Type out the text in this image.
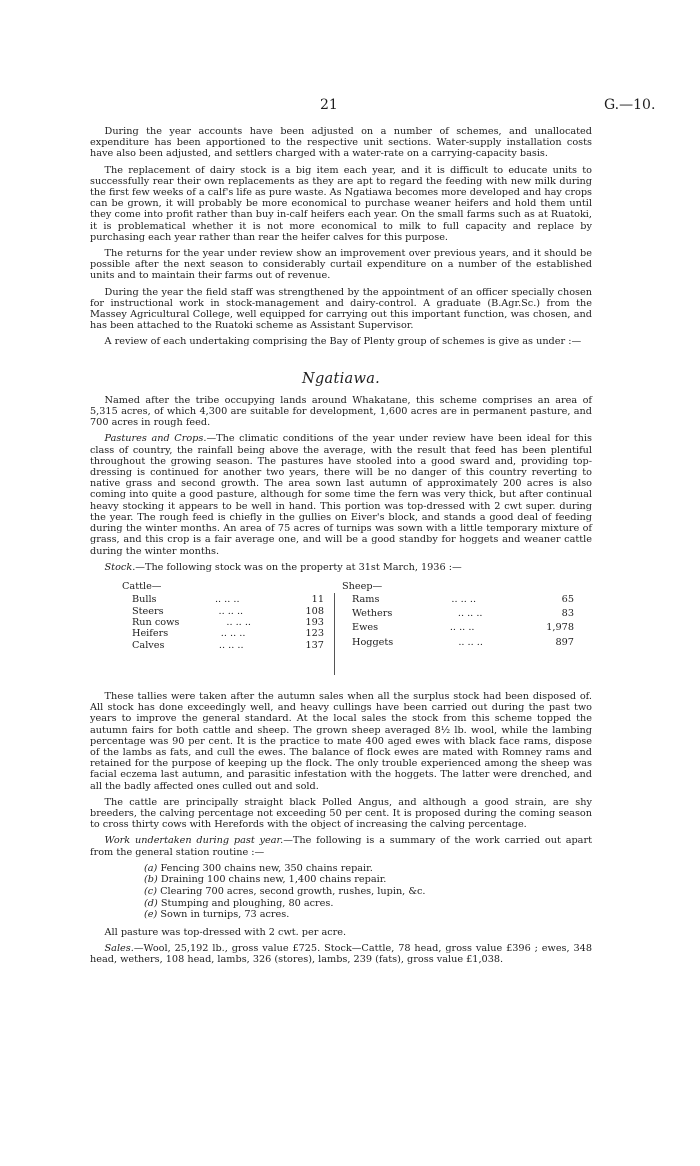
21	G.—10.

During the year accounts have been adjusted on a number of schemes, and unallocated expenditure has been apportioned to the respective unit sections. Water-supply installation costs have also been adjusted, and settlers charged with a water-rate on a carrying-capacity basis.

The replacement of dairy stock is a big item each year, and it is difficult to educate units to successfully rear their own replacements as they are apt to regard the feeding with new milk during the first few weeks of a calf's life as pure waste. As Ngatiawa becomes more developed and hay crops can be grown, it will probably be more economical to purchase weaner heifers and hold them until they come into profit rather than buy in-calf heifers each year. On the small farms such as at Ruatoki, it is problematical whether it is not more economical to milk to full capacity and replace by purchasing each year rather than rear the heifer calves for this purpose.

The returns for the year under review show an improvement over previous years, and it should be possible after the next season to considerably curtail expenditure on a number of the established units and to maintain their farms out of revenue.

During the year the field staff was strengthened by the appointment of an officer specially chosen for instructional work in stock-management and dairy-control. A graduate (B.Agr.Sc.) from the Massey Agricultural College, well equipped for carrying out this important function, was chosen, and has been attached to the Ruatoki scheme as Assistant Supervisor.

A review of each undertaking comprising the Bay of Plenty group of schemes is give as under :—

Ngatiawa.

Named after the tribe occupying lands around Whakatane, this scheme comprises an area of 5,315 acres, of which 4,300 are suitable for development, 1,600 acres are in permanent pasture, and 700 acres in rough feed.

Pastures and Crops.—The climatic conditions of the year under review have been ideal for this class of country, the rainfall being above the average, with the result that feed has been plentiful throughout the growing season. The pastures have stooled into a good sward and, providing top-dressing is continued for another two years, there will be no danger of this country reverting to native grass and second growth. The area sown last autumn of approximately 200 acres is also coming into quite a good pasture, although for some time the fern was very thick, but after continual heavy stocking it appears to be well in hand. This portion was top-dressed with 2 cwt super. during the year. The rough feed is chiefly in the gullies on Eiver's block, and stands a good deal of feeding during the winter months. An area of 75 acres of turnips was sown with a little temporary mixture of grass, and this crop is a fair average one, and will be a good standby for hoggets and weaner cattle during the winter months.

Stock.—The following stock was on the property at 31st March, 1936 :—

Cattle—
Bulls	.. .. ..	11
Steers	.. .. ..	108
Run cows	.. .. ..	193
Heifers	.. .. ..	123
Calves	.. .. ..	137
Sheep—
Rams	.. .. ..	65
Wethers	.. .. ..	83
Ewes	.. .. ..	1,978
Hoggets	.. .. ..	897

These tallies were taken after the autumn sales when all the surplus stock had been disposed of. All stock has done exceedingly well, and heavy cullings have been carried out during the past two years to improve the general standard. At the local sales the stock from this scheme topped the autumn fairs for both cattle and sheep. The grown sheep averaged 8½ lb. wool, while the lambing percentage was 90 per cent. It is the practice to mate 400 aged ewes with black face rams, dispose of the lambs as fats, and cull the ewes. The balance of flock ewes are mated with Romney rams and retained for the purpose of keeping up the flock. The only trouble experienced among the sheep was facial eczema last autumn, and parasitic infestation with the hoggets. The latter were drenched, and all the badly affected ones culled out and sold.

The cattle are principally straight black Polled Angus, and although a good strain, are shy breeders, the calving percentage not exceeding 50 per cent. It is proposed during the coming season to cross thirty cows with Herefords with the object of increasing the calving percentage.

Work undertaken during past year.—The following is a summary of the work carried out apart from the general station routine :—

(a) Fencing 300 chains new, 350 chains repair.
(b) Draining 100 chains new, 1,400 chains repair.
(c) Clearing 700 acres, second growth, rushes, lupin, &c.
(d) Stumping and ploughing, 80 acres.
(e) Sown in turnips, 73 acres.

All pasture was top-dressed with 2 cwt. per acre.

Sales.—Wool, 25,192 lb., gross value £725. Stock—Cattle, 78 head, gross value £396 ; ewes, 348 head, wethers, 108 head, lambs, 326 (stores), lambs, 239 (fats), gross value £1,038.
